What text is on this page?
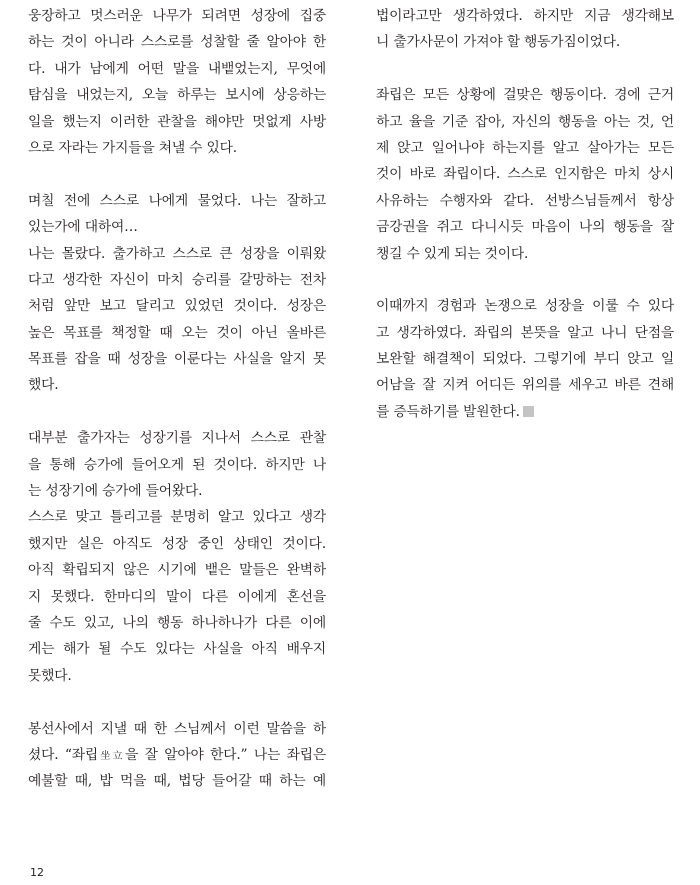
웅장하고 멋스러운 나무가 되려면 성장에 집중
하는 것이 아니라 스스로를 성찰할 줄 알아야 한
다. 내가 남에게 어떤 말을 내뱉었는지, 무엇에
탐심을 내었는지, 오늘 하루는 보시에 상응하는
일을 했는지 이러한 관찰을 해야만 멋없게 사방
으로 자라는 가지들을 쳐낼 수 있다.
며칠 전에 스스로 나에게 물었다. 나는 잘하고
있는가에 대하여…
나는 몰랐다. 출가하고 스스로 큰 성장을 이뤄왔
다고 생각한 자신이 마치 승리를 갈망하는 전차
처럼 앞만 보고 달리고 있었던 것이다. 성장은
높은 목표를 책정할 때 오는 것이 아닌 올바른
목표를 잡을 때 성장을 이룬다는 사실을 알지 못
했다.
대부분 출가자는 성장기를 지나서 스스로 관찰
을 통해 승가에 들어오게 된 것이다. 하지만 나
는 성장기에 승가에 들어왔다.
스스로 맞고 틀리고를 분명히 알고 있다고 생각
했지만 실은 아직도 성장 중인 상태인 것이다.
아직 확립되지 않은 시기에 뱉은 말들은 완벽하
지 못했다. 한마디의 말이 다른 이에게 혼선을
줄 수도 있고, 나의 행동 하나하나가 다른 이에
게는 해가 될 수도 있다는 사실을 아직 배우지
못했다.
봉선사에서 지낼 때 한 스님께서 이런 말씀을 하
셨다. “좌립坐立을 잘 알아야 한다.” 나는 좌립은
예불할 때, 밥 먹을 때, 법당 들어갈 때 하는 예
법이라고만 생각하였다. 하지만 지금 생각해보
니 출가사문이 가져야 할 행동가짐이었다.
좌립은 모든 상황에 걸맞은 행동이다. 경에 근거
하고 율을 기준 잡아, 자신의 행동을 아는 것, 언
제 앉고 일어나야 하는지를 알고 살아가는 모든
것이 바로 좌립이다. 스스로 인지함은 마치 상시
사유하는 수행자와 같다. 선방스님들께서 항상
금강권을 쥐고 다니시듯 마음이 나의 행동을 잘
챙길 수 있게 되는 것이다.
이때까지 경험과 논쟁으로 성장을 이룰 수 있다
고 생각하였다. 좌립의 본뜻을 알고 나니 단점을
보완할 해결책이 되었다. 그렇기에 부디 앉고 일
어남을 잘 지켜 어디든 위의를 세우고 바른 견해
를 증득하기를 발원한다.
12
